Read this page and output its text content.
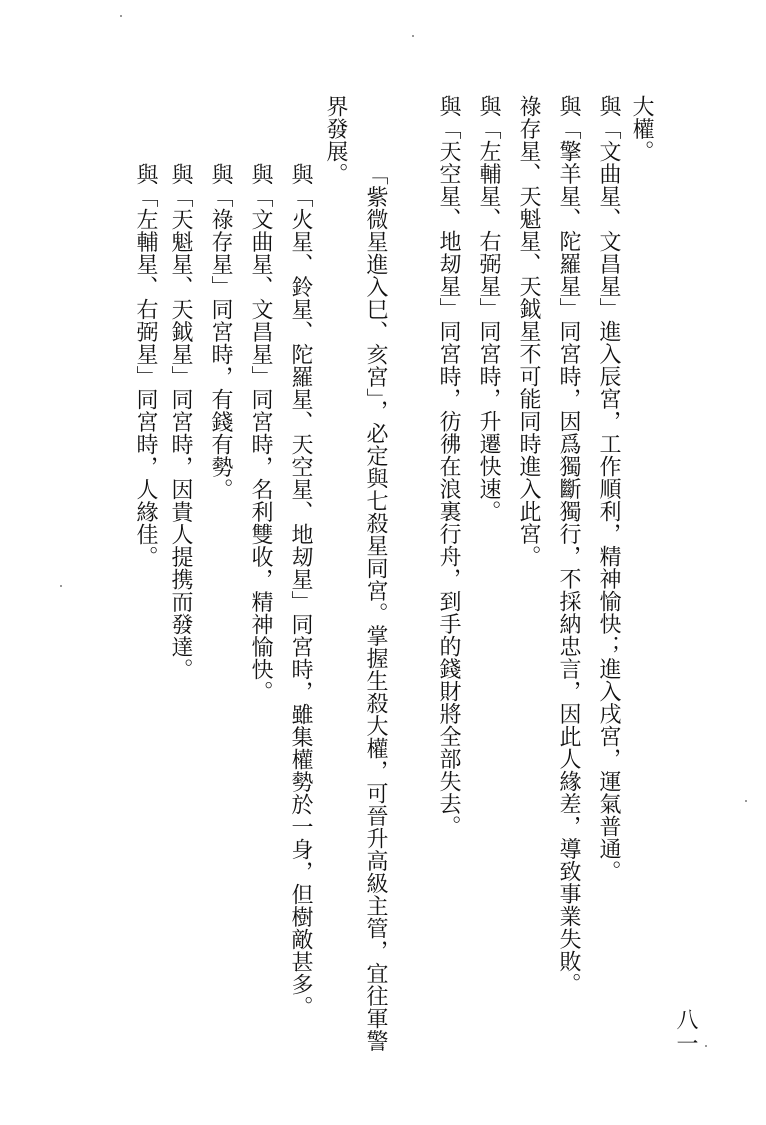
大權。
與「文曲星、文昌星」進入辰宮，工作順利，精神愉快；進入戌宮，運氣普通。
與「擎羊星、陀羅星」同宮時，因爲獨斷獨行，不採納忠言，因此人緣差，導致事業失敗。
祿存星、天魁星、天鉞星不可能同時進入此宮。
與「左輔星、右弼星」同宮時，升遷快速。
與「天空星、地刼星」同宮時，彷彿在浪裏行舟，到手的錢財將全部失去。
「紫微星進入巳、亥宮」，必定與七殺星同宮。掌握生殺大權，可晉升高級主管，宜往軍警
界發展。
與「火星、鈴星、陀羅星、天空星、地刼星」同宮時，雖集權勢於一身，但樹敵甚多。
與「文曲星、文昌星」同宮時，名利雙收，精神愉快。
與「祿存星」同宮時，有錢有勢。
與「天魁星、天鉞星」同宮時，因貴人提携而發達。
與「左輔星、右弼星」同宮時，人緣佳。
八一
